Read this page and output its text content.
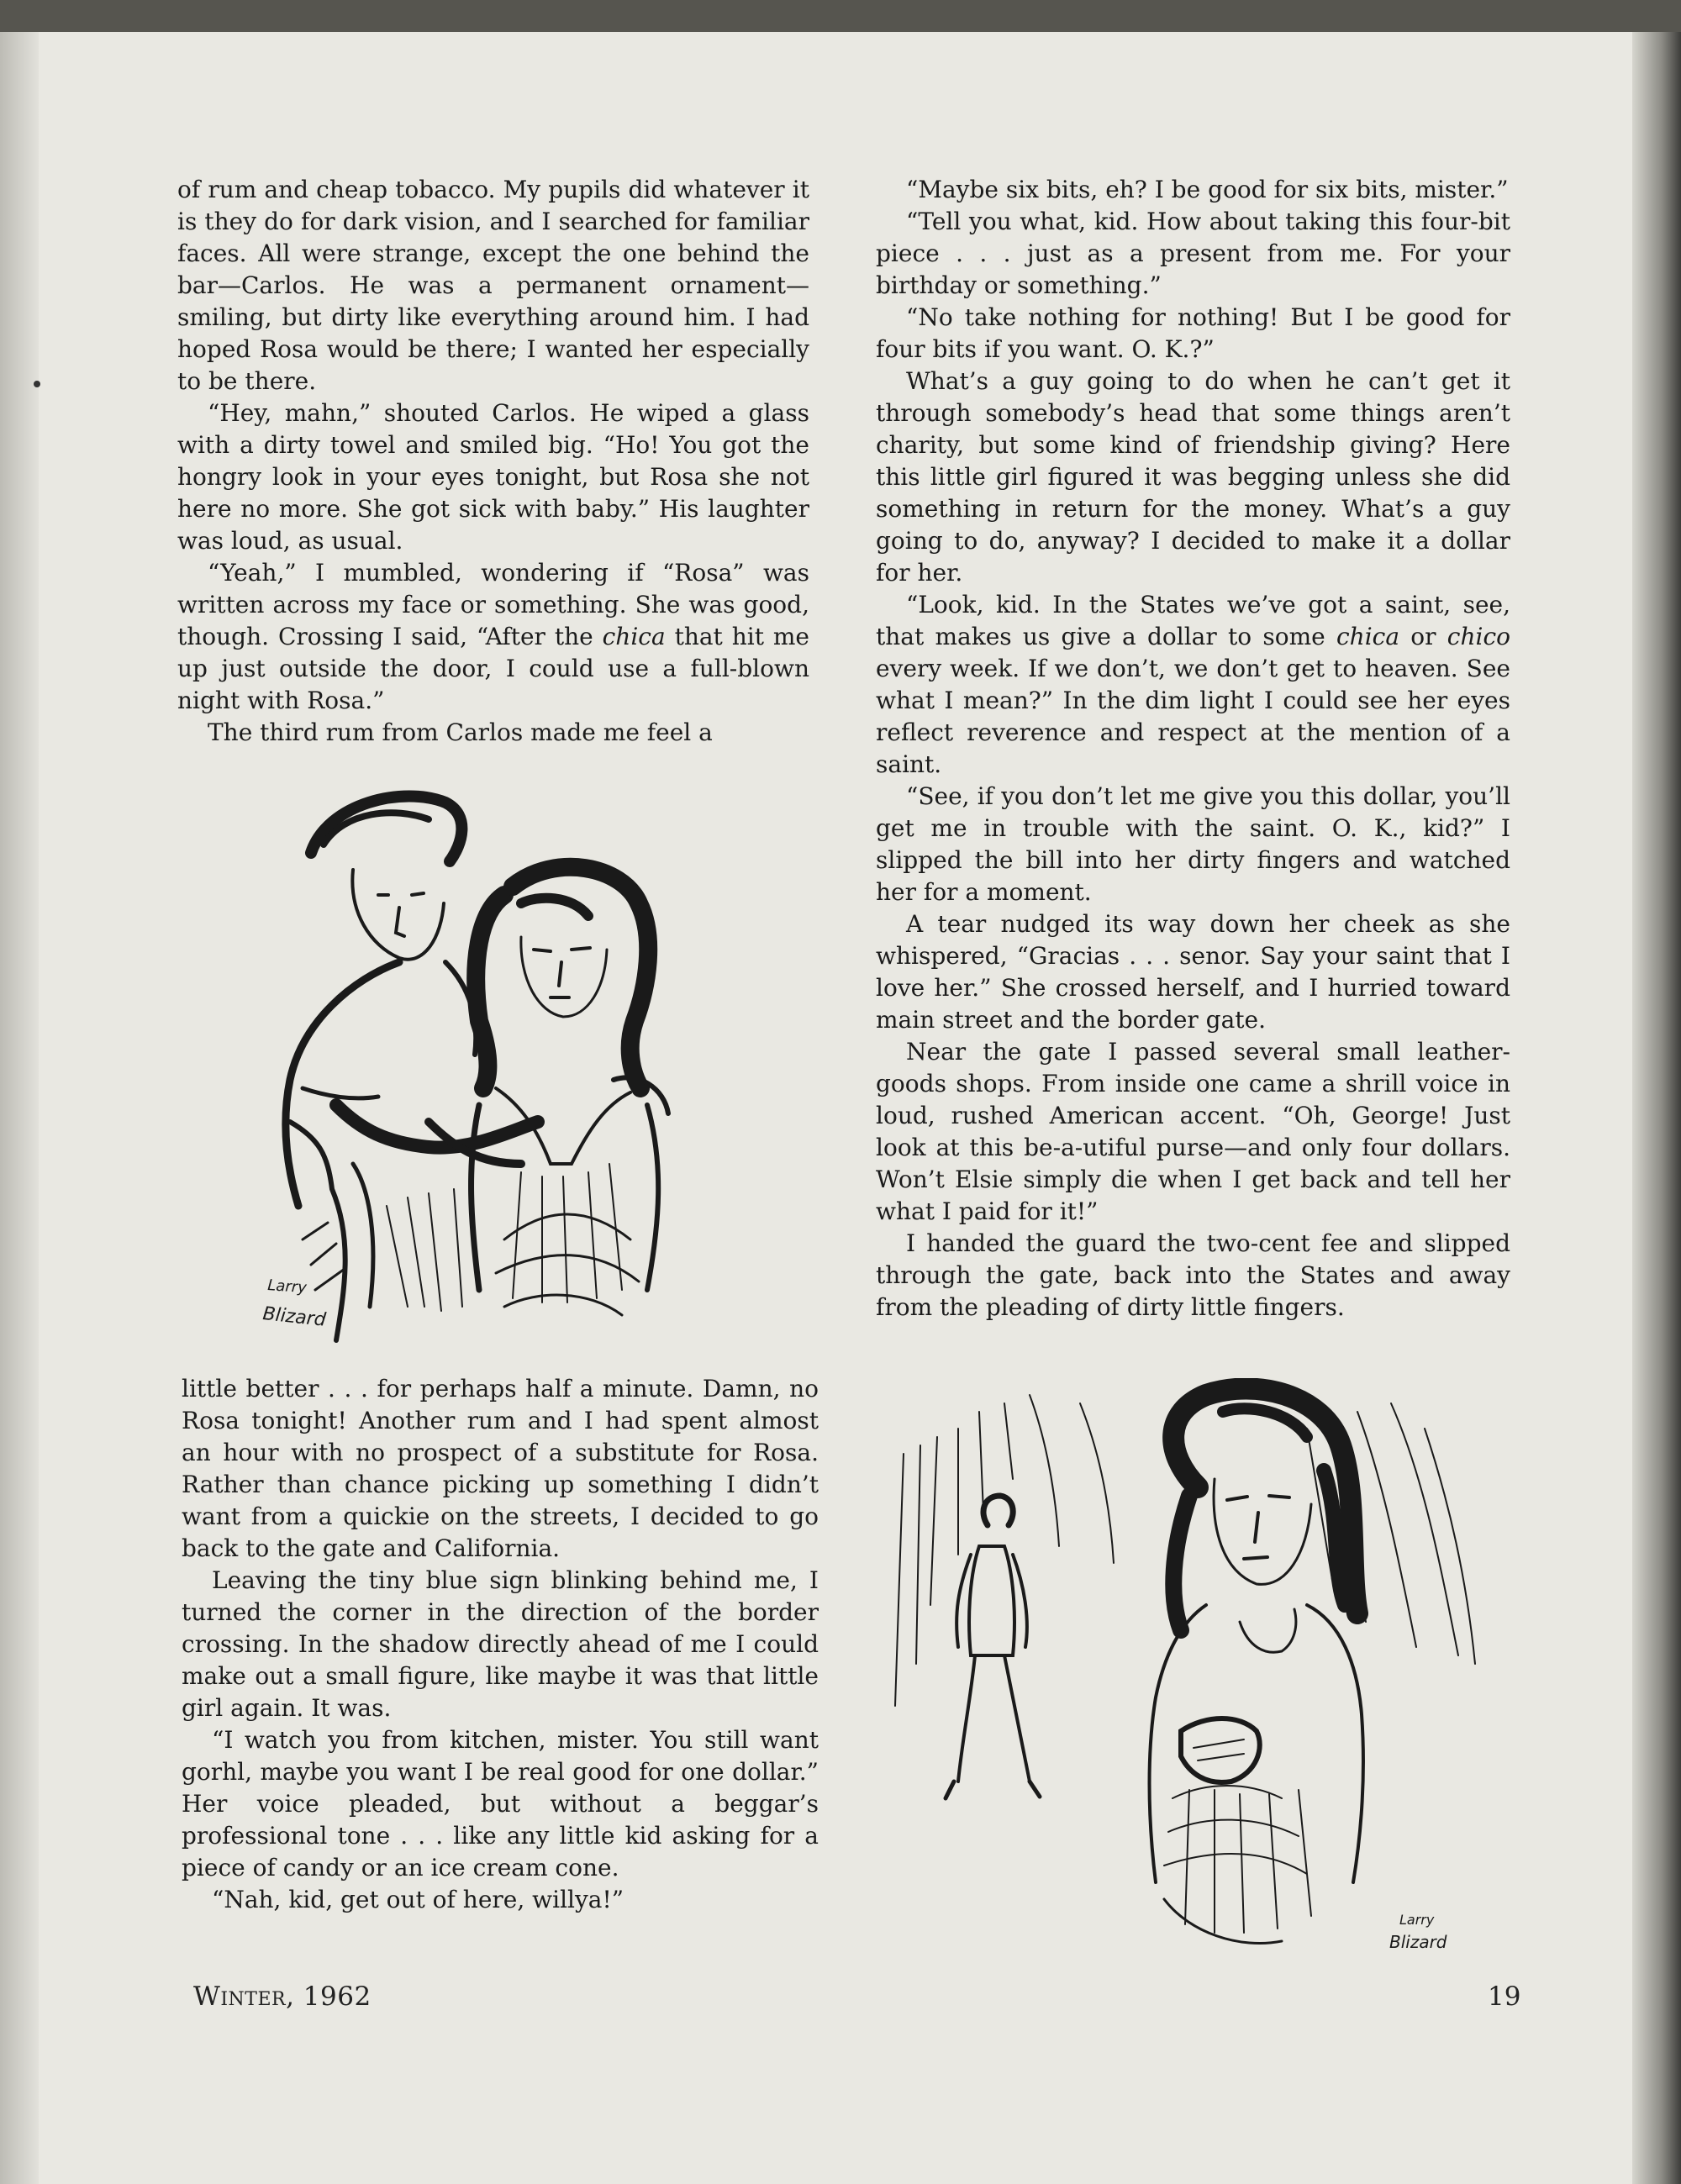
of rum and cheap tobacco. My pupils did whatever it is they do for dark vision, and I searched for familiar faces. All were strange, except the one behind the bar—Carlos. He was a permanent ornament—smiling, but dirty like everything around him. I had hoped Rosa would be there; I wanted her especially to be there.

“Hey, mahn,” shouted Carlos. He wiped a glass with a dirty towel and smiled big. “Ho! You got the hongry look in your eyes tonight, but Rosa she not here no more. She got sick with baby.” His laughter was loud, as usual.

“Yeah,” I mumbled, wondering if “Rosa” was written across my face or something. She was good, though. Crossing I said, “After the chica that hit me up just outside the door, I could use a full-blown night with Rosa.”

The third rum from Carlos made me feel a

Larry
Blizard

little better . . . for perhaps half a minute. Damn, no Rosa tonight! Another rum and I had spent almost an hour with no prospect of a substitute for Rosa. Rather than chance picking up something I didn’t want from a quickie on the streets, I decided to go back to the gate and California.

Leaving the tiny blue sign blinking behind me, I turned the corner in the direction of the border crossing. In the shadow directly ahead of me I could make out a small figure, like maybe it was that little girl again. It was.

“I watch you from kitchen, mister. You still want gorhl, maybe you want I be real good for one dollar.” Her voice pleaded, but without a beggar’s professional tone . . . like any little kid asking for a piece of candy or an ice cream cone.

“Nah, kid, get out of here, willya!”

“Maybe six bits, eh? I be good for six bits, mister.”

“Tell you what, kid. How about taking this four-bit piece . . . just as a present from me. For your birthday or something.”

“No take nothing for nothing! But I be good for four bits if you want. O. K.?”

What’s a guy going to do when he can’t get it through somebody’s head that some things aren’t charity, but some kind of friendship giving? Here this little girl figured it was begging unless she did something in return for the money. What’s a guy going to do, anyway? I decided to make it a dollar for her.

“Look, kid. In the States we’ve got a saint, see, that makes us give a dollar to some chica or chico every week. If we don’t, we don’t get to heaven. See what I mean?” In the dim light I could see her eyes reflect reverence and respect at the mention of a saint.

“See, if you don’t let me give you this dollar, you’ll get me in trouble with the saint. O. K., kid?” I slipped the bill into her dirty fingers and watched her for a moment.

A tear nudged its way down her cheek as she whispered, “Gracias . . . senor. Say your saint that I love her.” She crossed herself, and I hurried toward main street and the border gate.

Near the gate I passed several small leather-goods shops. From inside one came a shrill voice in loud, rushed American accent. “Oh, George! Just look at this be-a-utiful purse—and only four dollars. Won’t Elsie simply die when I get back and tell her what I paid for it!”

I handed the guard the two-cent fee and slipped through the gate, back into the States and away from the pleading of dirty little fingers.

Larry
Blizard
Winter, 1962	19
